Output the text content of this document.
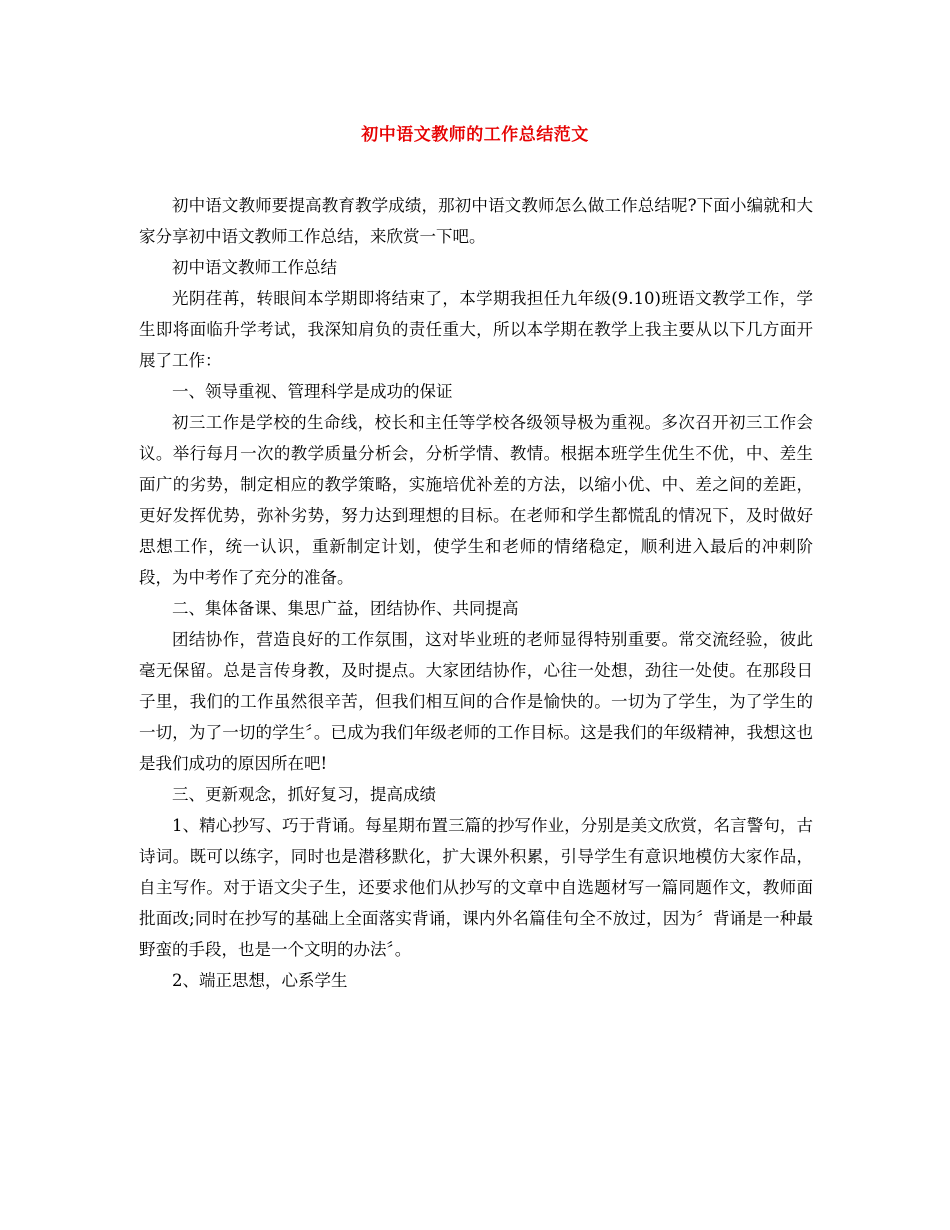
初中语文教师的工作总结范文

初中语文教师要提高教育教学成绩，那初中语文教师怎么做工作总结呢?下面小编就和大家分享初中语文教师工作总结，来欣赏一下吧。

初中语文教师工作总结

光阴荏苒，转眼间本学期即将结束了，本学期我担任九年级(9.10)班语文教学工作，学生即将面临升学考试，我深知肩负的责任重大，所以本学期在教学上我主要从以下几方面开展了工作：

一、领导重视、管理科学是成功的保证

初三工作是学校的生命线，校长和主任等学校各级领导极为重视。多次召开初三工作会议。举行每月一次的教学质量分析会，分析学情、教情。根据本班学生优生不优，中、差生面广的劣势，制定相应的教学策略，实施培优补差的方法，以缩小优、中、差之间的差距，更好发挥优势，弥补劣势，努力达到理想的目标。在老师和学生都慌乱的情况下，及时做好思想工作，统一认识，重新制定计划，使学生和老师的情绪稳定，顺利进入最后的冲刺阶段，为中考作了充分的准备。

二、集体备课、集思广益，团结协作、共同提高

团结协作，营造良好的工作氛围，这对毕业班的老师显得特别重要。常交流经验，彼此毫无保留。总是言传身教，及时提点。大家团结协作，心往一处想，劲往一处使。在那段日子里，我们的工作虽然很辛苦，但我们相互间的合作是愉快的。一切为了学生，为了学生的一切，为了一切的学生〞。已成为我们年级老师的工作目标。这是我们的年级精神，我想这也是我们成功的原因所在吧!

三、更新观念，抓好复习，提高成绩

1、精心抄写、巧于背诵。每星期布置三篇的抄写作业，分别是美文欣赏，名言警句，古诗词。既可以练字，同时也是潜移默化，扩大课外积累，引导学生有意识地模仿大家作品，自主写作。对于语文尖子生，还要求他们从抄写的文章中自选题材写一篇同题作文，教师面批面改;同时在抄写的基础上全面落实背诵，课内外名篇佳句全不放过，因为〞背诵是一种最野蛮的手段，也是一个文明的办法〞。

2、端正思想，心系学生
